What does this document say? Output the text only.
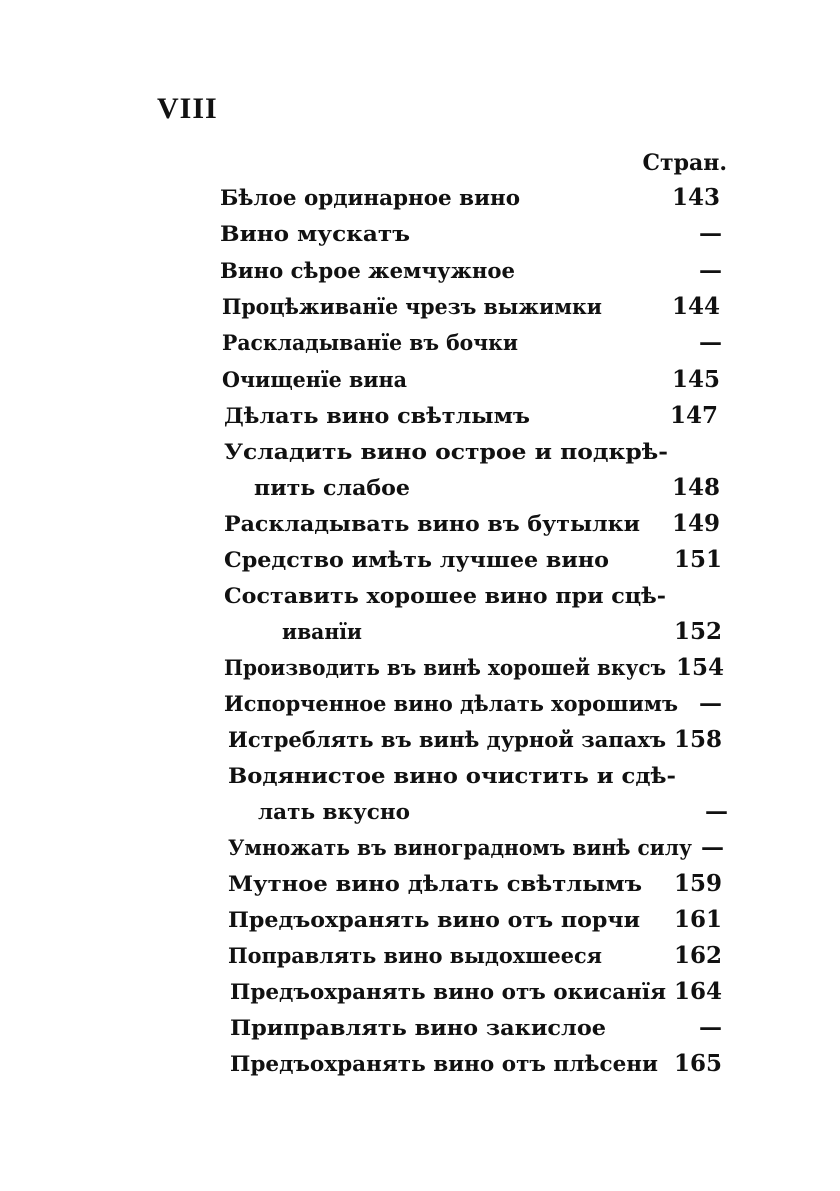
VIII
Стран.
Бѣлое ординарное вино	143
Вино мускатъ	—
Вино сѣрое жемчужное	—
Процѣживанїе чрезъ выжимки	144
Раскладыванїе въ бочки	—
Очищенїе вина	145
Дѣлать вино свѣтлымъ	147
Усладить вино острое и подкрѣ-
пить слабое	148
Раскладывать вино въ бутылки 149
Средство имѣть лучшее вино	151
Составить хорошее вино при сцѣ-
иванїи	152
Производить въ винѣ хорошей вкусъ 154
Испорченное вино дѣлать хорошимъ —
Истреблять въ винѣ дурной запахъ 158
Водянистое вино очистить и сдѣ-
лать вкусно	—
Умножать въ виноградномъ винѣ силу —
Мутное вино дѣлать свѣтлымъ 159
Предъохранять вино отъ порчи 161
Поправлять вино выдохшееся	162
Предъохранять вино отъ окисанїя 164
Приправлять вино закислое	—
Предъохранять вино отъ плѣсени 165
